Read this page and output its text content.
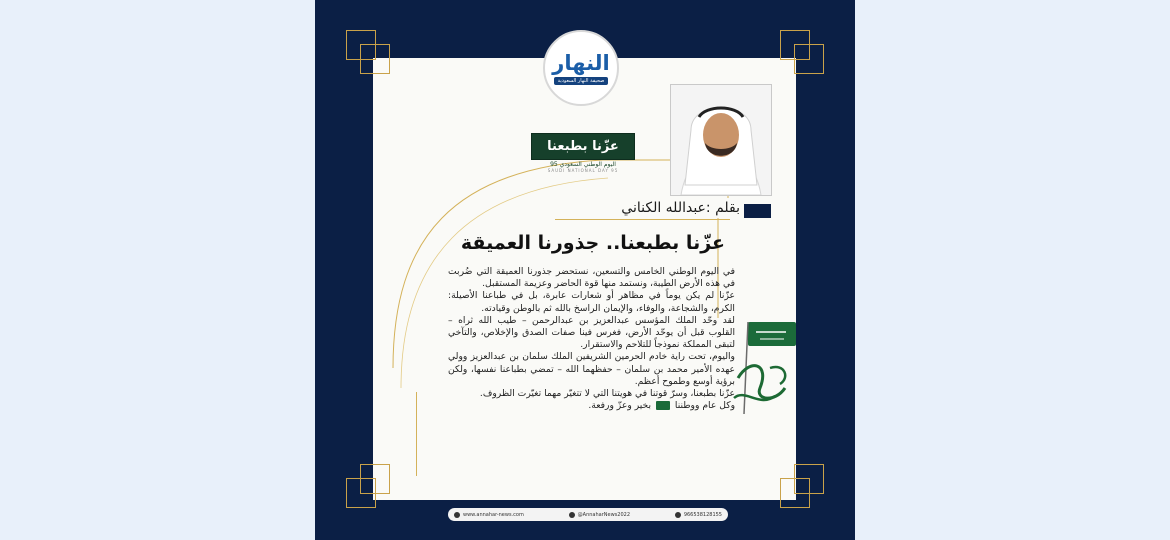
النهار
صحيفة النهار السعودية
عزّنا بطبعنا
اليوم الوطني السعودي 95
SAUDI NATIONAL DAY 95
بقلم :عبدالله الكناني
عزّنا بطبعنا.. جذورنا العميقة

في اليوم الوطني الخامس والتسعين، نستحضر جذورنا العميقة التي ضُربت في هذه الأرض الطيبة، ونستمد منها قوة الحاضر وعزيمة المستقبل.

عزّنا لم يكن يوماً في مظاهر أو شعارات عابرة، بل في طباعنا الأصيلة: الكرم، والشجاعة، والوفاء، والإيمان الراسخ بالله ثم بالوطن وقيادته.

لقد وحّد الملك المؤسس عبدالعزيز بن عبدالرحمن – طيب الله ثراه – القلوب قبل أن يوحّد الأرض، فغرس فينا صفات الصدق والإخلاص، والتآخي لتبقى المملكة نموذجاً للتلاحم والاستقرار.

واليوم، تحت راية خادم الحرمين الشريفين الملك سلمان بن عبدالعزيز وولي عهده الأمير محمد بن سلمان – حفظهما الله – تمضي بطباعنا نفسها، ولكن برؤية أوسع وطموح أعظم.

عزّنا بطبعنا، وسرّ قوتنا في هويتنا التي لا تتغيّر مهما تغيّرت الظروف.

وكل عام ووطننا  بخير وعزّ ورفعة.

www.annahar-news.com	@AnnaharNews2022	966538128155
